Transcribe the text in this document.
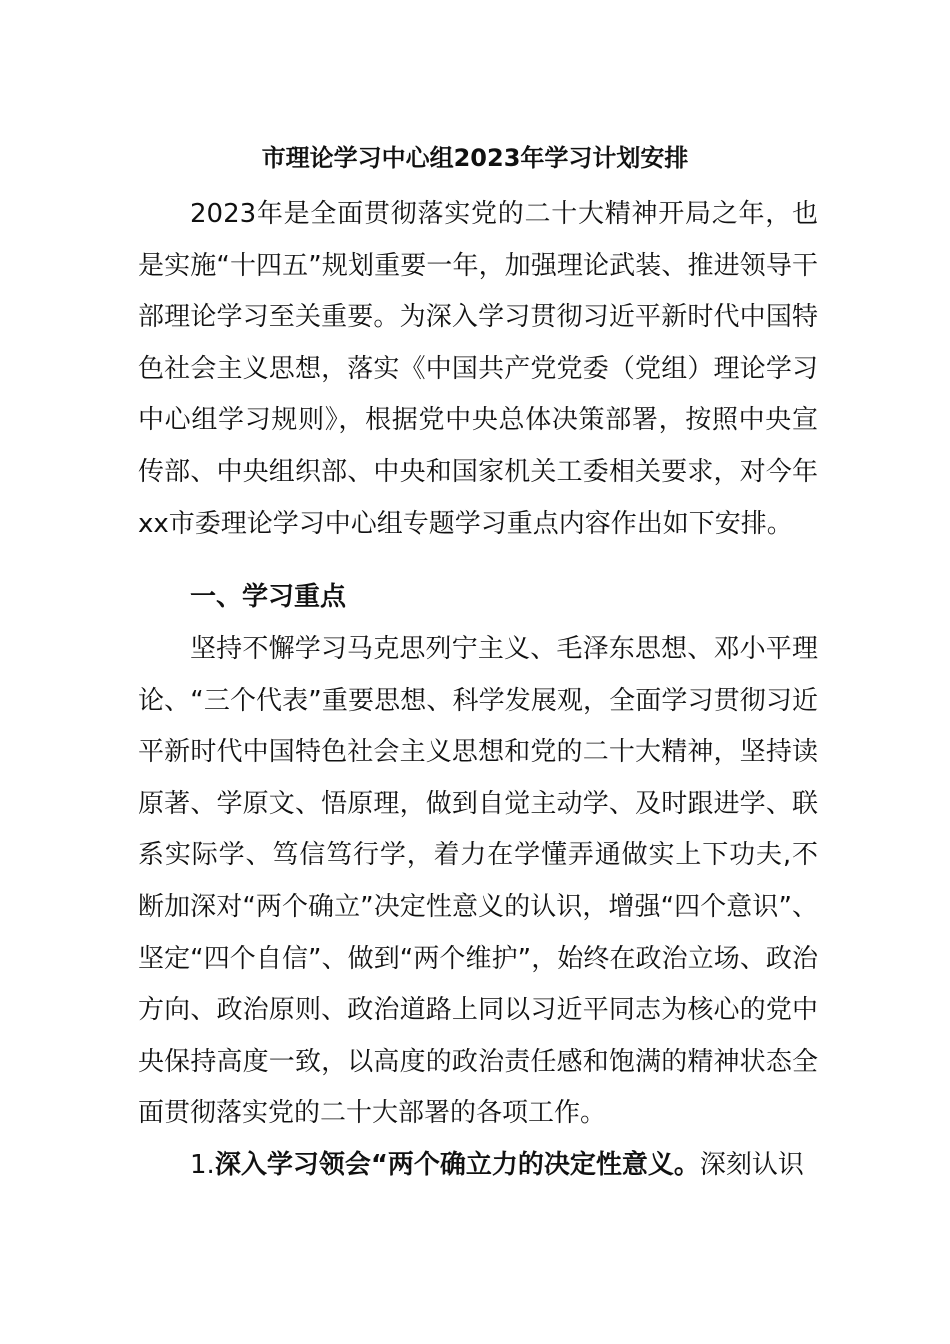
市理论学习中心组2023年学习计划安排

2023年是全面贯彻落实党的二十大精神开局之年，也是实施“十四五”规划重要一年，加强理论武装、推进领导干部理论学习至关重要。为深入学习贯彻习近平新时代中国特色社会主义思想，落实《中国共产党党委（党组）理论学习中心组学习规则》，根据党中央总体决策部署，按照中央宣传部、中央组织部、中央和国家机关工委相关要求，对今年xx市委理论学习中心组专题学习重点内容作出如下安排。

一、学习重点

坚持不懈学习马克思列宁主义、毛泽东思想、邓小平理论、“三个代表”重要思想、科学发展观，全面学习贯彻习近平新时代中国特色社会主义思想和党的二十大精神，坚持读原著、学原文、悟原理，做到自觉主动学、及时跟进学、联系实际学、笃信笃行学，着力在学懂弄通做实上下功夫,不断加深对“两个确立”决定性意义的认识，增强“四个意识”、坚定“四个自信”、做到“两个维护”，始终在政治立场、政治方向、政治原则、政治道路上同以习近平同志为核心的党中央保持高度一致，以高度的政治责任感和饱满的精神状态全面贯彻落实党的二十大部署的各项工作。

1.深入学习领会“两个确立力的决定性意义。深刻认识
